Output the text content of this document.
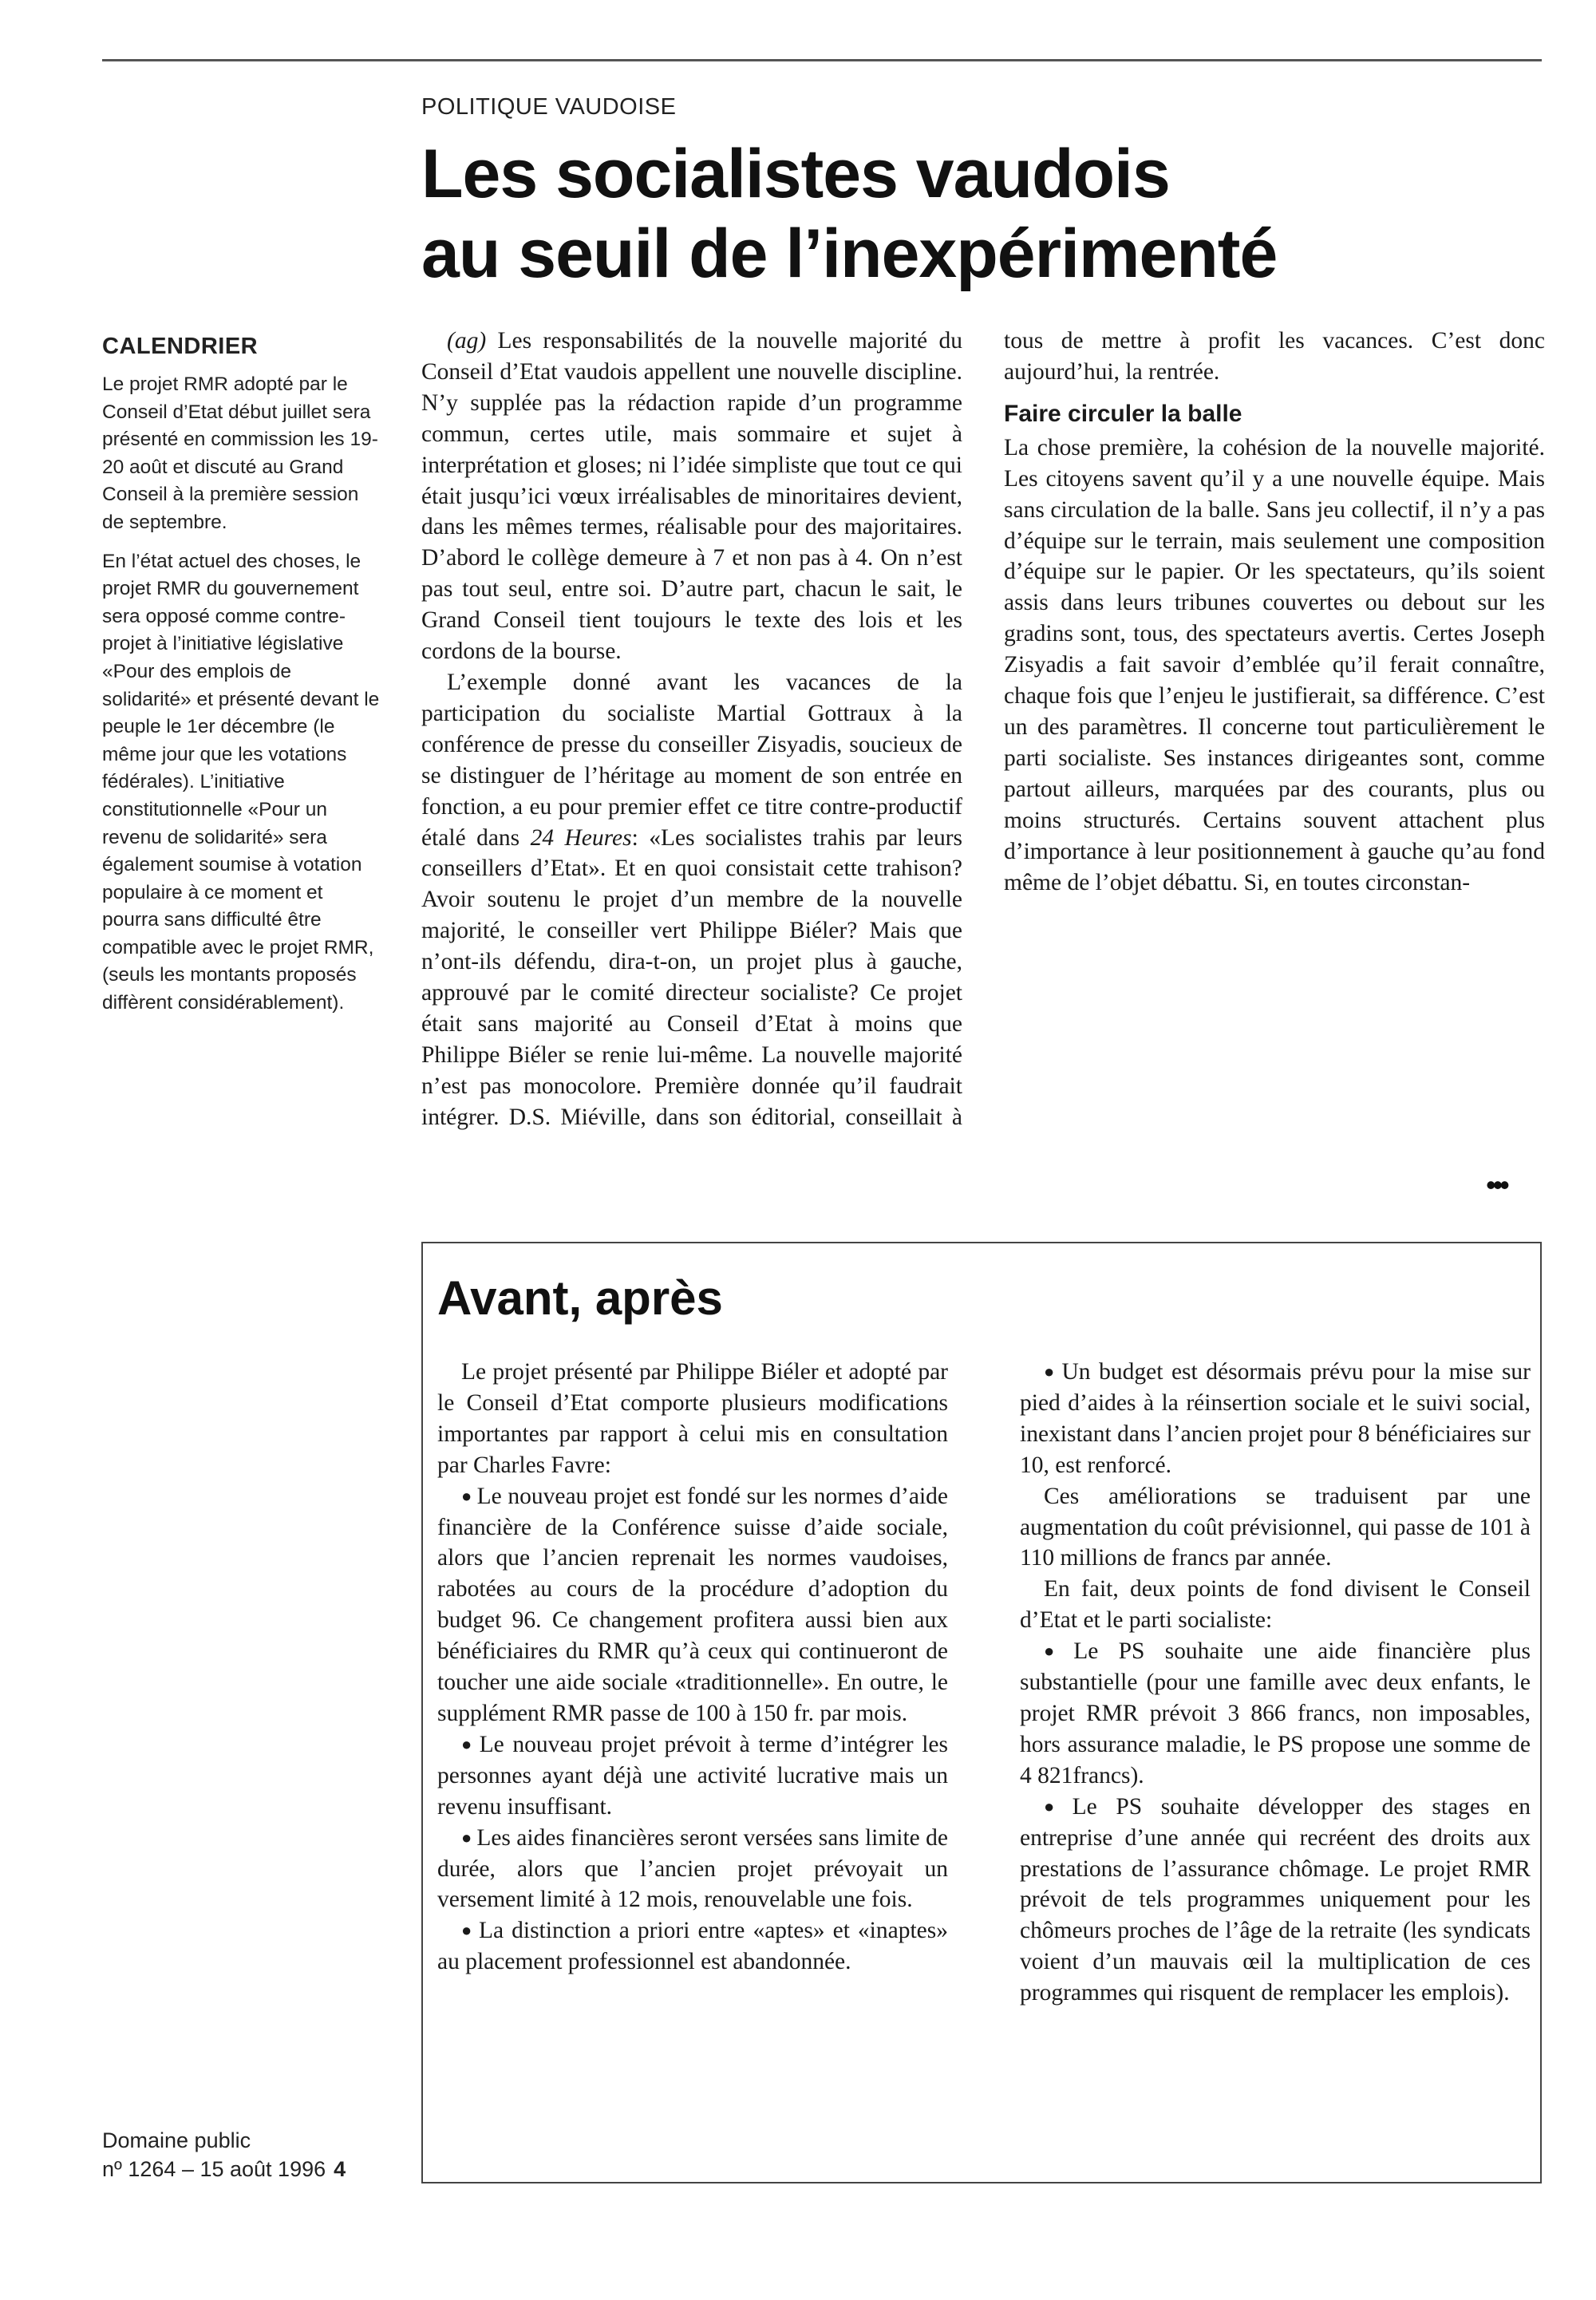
POLITIQUE VAUDOISE
Les socialistes vaudois
au seuil de l’inexpérimenté
CALENDRIER

Le projet RMR adopté par le Conseil d’Etat début juillet sera présenté en commission les 19-20 août et discuté au Grand Conseil à la première session de septembre.

En l’état actuel des choses, le projet RMR du gouvernement sera opposé comme contre-projet à l’initiative législative «Pour des emplois de solidarité» et présenté devant le peuple le 1er décembre (le même jour que les votations fédérales). L’initiative constitutionnelle «Pour un revenu de solidarité» sera également soumise à votation populaire à ce moment et pourra sans difficulté être compatible avec le projet RMR, (seuls les montants proposés diffèrent considérablement).

(ag) Les responsabilités de la nouvelle majorité du Conseil d’Etat vaudois appellent une nouvelle discipline. N’y supplée pas la rédaction rapide d’un programme commun, certes utile, mais sommaire et sujet à interprétation et gloses; ni l’idée simpliste que tout ce qui était jusqu’ici vœux irréalisables de minoritaires devient, dans les mêmes termes, réalisable pour des majoritaires. D’abord le collège demeure à 7 et non pas à 4. On n’est pas tout seul, entre soi. D’autre part, chacun le sait, le Grand Conseil tient toujours le texte des lois et les cordons de la bourse.

L’exemple donné avant les vacances de la participation du socialiste Martial Gottraux à la conférence de presse du conseiller Zisyadis, soucieux de se distinguer de l’héritage au moment de son entrée en fonction, a eu pour premier effet ce titre contre-productif étalé dans 24 Heures: «Les socialistes trahis par leurs conseillers d’Etat». Et en quoi consistait cette trahison? Avoir soutenu le projet d’un membre de la nouvelle majorité, le conseiller vert Philippe Biéler? Mais que n’ont-ils défendu, dira-t-on, un projet plus à gauche, approuvé par le comité directeur socialiste? Ce projet était sans majorité au Conseil d’Etat à moins que Philippe Biéler se renie lui-même. La nouvelle majorité n’est pas monocolore. Première donnée qu’il faudrait intégrer. D.S. Miéville, dans son éditorial, conseillait à tous de mettre à profit les vacances. C’est donc aujourd’hui, la rentrée.

Faire circuler la balle

La chose première, la cohésion de la nouvelle majorité. Les citoyens savent qu’il y a une nouvelle équipe. Mais sans circulation de la balle. Sans jeu collectif, il n’y a pas d’équipe sur le terrain, mais seulement une composition d’équipe sur le papier. Or les spectateurs, qu’ils soient assis dans leurs tribunes couvertes ou debout sur les gradins sont, tous, des spectateurs avertis. Certes Joseph Zisyadis a fait savoir d’emblée qu’il ferait connaître, chaque fois que l’enjeu le justifierait, sa différence. C’est un des paramètres. Il concerne tout particulièrement le parti socialiste. Ses instances dirigeantes sont, comme partout ailleurs, marquées par des courants, plus ou moins structurés. Certains souvent attachent plus d’importance à leur positionnement à gauche qu’au fond même de l’objet débattu. Si, en toutes circonstan-

•••
Avant, après

Le projet présenté par Philippe Biéler et adopté par le Conseil d’Etat comporte plusieurs modifications importantes par rapport à celui mis en consultation par Charles Favre:

● Le nouveau projet est fondé sur les normes d’aide financière de la Conférence suisse d’aide sociale, alors que l’ancien reprenait les normes vaudoises, rabotées au cours de la procédure d’adoption du budget 96. Ce changement profitera aussi bien aux bénéficiaires du RMR qu’à ceux qui continueront de toucher une aide sociale «traditionnelle». En outre, le supplément RMR passe de 100 à 150 fr. par mois.

● Le nouveau projet prévoit à terme d’intégrer les personnes ayant déjà une activité lucrative mais un revenu insuffisant.

● Les aides financières seront versées sans limite de durée, alors que l’ancien projet prévoyait un versement limité à 12 mois, renouvelable une fois.

● La distinction a priori entre «aptes» et «inaptes» au placement professionnel est abandonnée.

● Un budget est désormais prévu pour la mise sur pied d’aides à la réinsertion sociale et le suivi social, inexistant dans l’ancien projet pour 8 bénéficiaires sur 10, est renforcé.

Ces améliorations se traduisent par une augmentation du coût prévisionnel, qui passe de 101 à 110 millions de francs par année.

En fait, deux points de fond divisent le Conseil d’Etat et le parti socialiste:

● Le PS souhaite une aide financière plus substantielle (pour une famille avec deux enfants, le projet RMR prévoit 3 866 francs, non imposables, hors assurance maladie, le PS propose une somme de 4 821francs).

● Le PS souhaite développer des stages en entreprise d’une année qui recréent des droits aux prestations de l’assurance chômage. Le projet RMR prévoit de tels programmes uniquement pour les chômeurs proches de l’âge de la retraite (les syndicats voient d’un mauvais œil la multiplication de ces programmes qui risquent de remplacer les emplois).

Domaine public
nº 1264 – 15 août 1996 4
